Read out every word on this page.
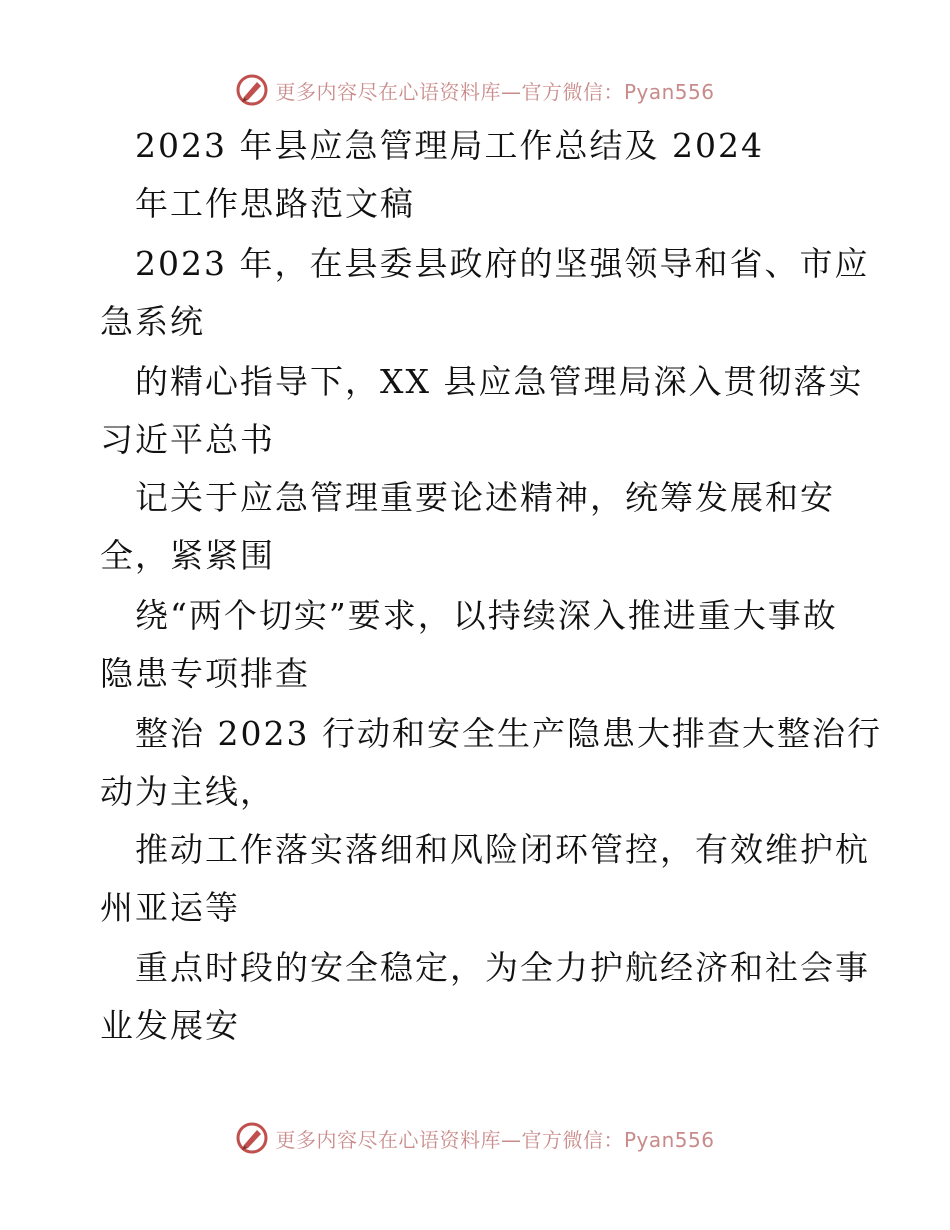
更多内容尽在心语资料库—官方微信：Pyan556
2023 年县应急管理局工作总结及 2024
年工作思路范文稿
2023 年，在县委县政府的坚强领导和省、市应
急系统
的精心指导下，XX 县应急管理局深入贯彻落实
习近平总书
记关于应急管理重要论述精神，统筹发展和安
全，紧紧围
绕“两个切实”要求，以持续深入推进重大事故
隐患专项排查
整治 2023 行动和安全生产隐患大排查大整治行
动为主线，
推动工作落实落细和风险闭环管控，有效维护杭
州亚运等
重点时段的安全稳定，为全力护航经济和社会事
业发展安
更多内容尽在心语资料库—官方微信：Pyan556
